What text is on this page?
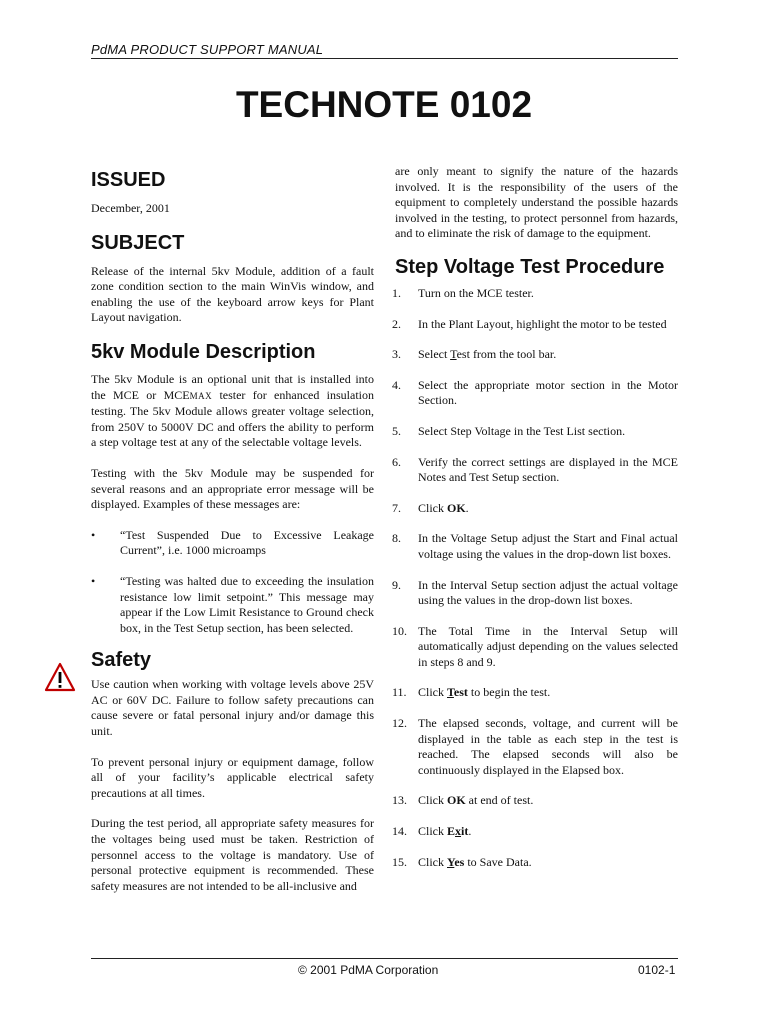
PdMA PRODUCT SUPPORT MANUAL
TECHNOTE 0102
ISSUED

December, 2001

SUBJECT

Release of the internal 5kv Module, addition of a fault zone condition section to the main WinVis window, and enabling the use of the keyboard arrow keys for Plant Layout navigation.

5kv Module Description

The 5kv Module is an optional unit that is installed into the MCE or MCEMAX tester for enhanced insulation testing. The 5kv Module allows greater voltage selection, from 250V to 5000V DC and offers the ability to perform a step voltage test at any of the selectable voltage levels.

Testing with the 5kv Module may be suspended for several reasons and an appropriate error message will be displayed. Examples of these messages are:

• “Test Suspended Due to Excessive Leakage Current”, i.e. 1000 microamps
• “Testing was halted due to exceeding the insulation resistance low limit setpoint.” This message may appear if the Low Limit Resistance to Ground check box, in the Test Setup section, has been selected.
Safety

Use caution when working with voltage levels above 25V AC or 60V DC. Failure to follow safety precautions can cause severe or fatal personal injury and/or damage this unit.

To prevent personal injury or equipment damage, follow all of your facility’s applicable electrical safety precautions at all times.

During the test period, all appropriate safety measures for the voltages being used must be taken. Restriction of personnel access to the voltage is mandatory. Use of personal protective equipment is recommended. These safety measures are not intended to be all-inclusive and

are only meant to signify the nature of the hazards involved. It is the responsibility of the users of the equipment to completely understand the possible hazards involved in the testing, to protect personnel from hazards, and to eliminate the risk of damage to the equipment.

Step Voltage Test Procedure
1. Turn on the MCE tester.
2. In the Plant Layout, highlight the motor to be tested
3. Select Test from the tool bar.
4. Select the appropriate motor section in the Motor Section.
5. Select Step Voltage in the Test List section.
6. Verify the correct settings are displayed in the MCE Notes and Test Setup section.
7. Click OK.
8. In the Voltage Setup adjust the Start and Final actual voltage using the values in the drop-down list boxes.
9. In the Interval Setup section adjust the actual voltage using the values in the drop-down list boxes.
10. The Total Time in the Interval Setup will automatically adjust depending on the values selected in steps 8 and 9.
11. Click Test to begin the test.
12. The elapsed seconds, voltage, and current will be displayed in the table as each step in the test is reached. The elapsed seconds will also be continuously displayed in the Elapsed box.
13. Click OK at end of test.
14. Click Exit.
15. Click Yes to Save Data.
© 2001 PdMA Corporation	0102-1
